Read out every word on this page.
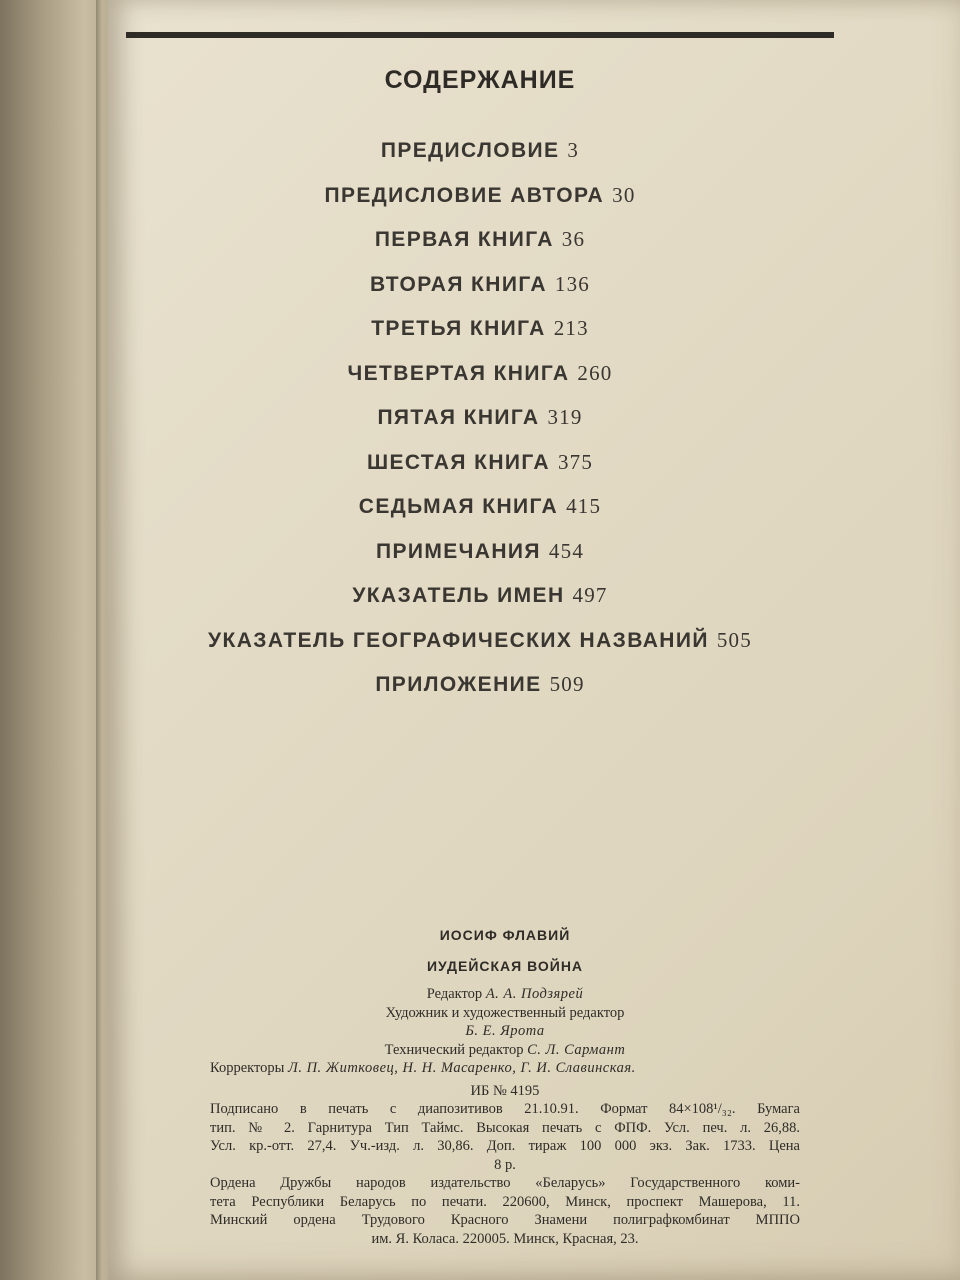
СОДЕРЖАНИЕ
ПРЕДИСЛОВИЕ 3
ПРЕДИСЛОВИЕ АВТОРА 30
ПЕРВАЯ КНИГА 36
ВТОРАЯ КНИГА 136
ТРЕТЬЯ КНИГА 213
ЧЕТВЕРТАЯ КНИГА 260
ПЯТАЯ КНИГА 319
ШЕСТАЯ КНИГА 375
СЕДЬМАЯ КНИГА 415
ПРИМЕЧАНИЯ 454
УКАЗАТЕЛЬ ИМЕН 497
УКАЗАТЕЛЬ ГЕОГРАФИЧЕСКИХ НАЗВАНИЙ 505
ПРИЛОЖЕНИЕ 509
ИОСИФ ФЛАВИЙ
ИУДЕЙСКАЯ ВОЙНА
Редактор А. А. Подзярей
Художник и художественный редактор
Б. Е. Ярота
Технический редактор С. Л. Сармант
Корректоры Л. П. Житковец, Н. Н. Масаренко, Г. И. Славинская.
ИБ № 4195
Подписано в печать с диапозитивов 21.10.91. Формат 84×108¹/₃₂. Бумага
тип. № 2. Гарнитура Тип Таймс. Высокая печать с ФПФ. Усл. печ. л. 26,88.
Усл. кр.-отт. 27,4. Уч.-изд. л. 30,86. Доп. тираж 100 000 экз. Зак. 1733. Цена
8 р.
Ордена Дружбы народов издательство «Беларусь» Государственного коми-
тета Республики Беларусь по печати. 220600, Минск, проспект Машерова, 11.
Минский ордена Трудового Красного Знамени полиграфкомбинат МППО
им. Я. Коласа. 220005. Минск, Красная, 23.
